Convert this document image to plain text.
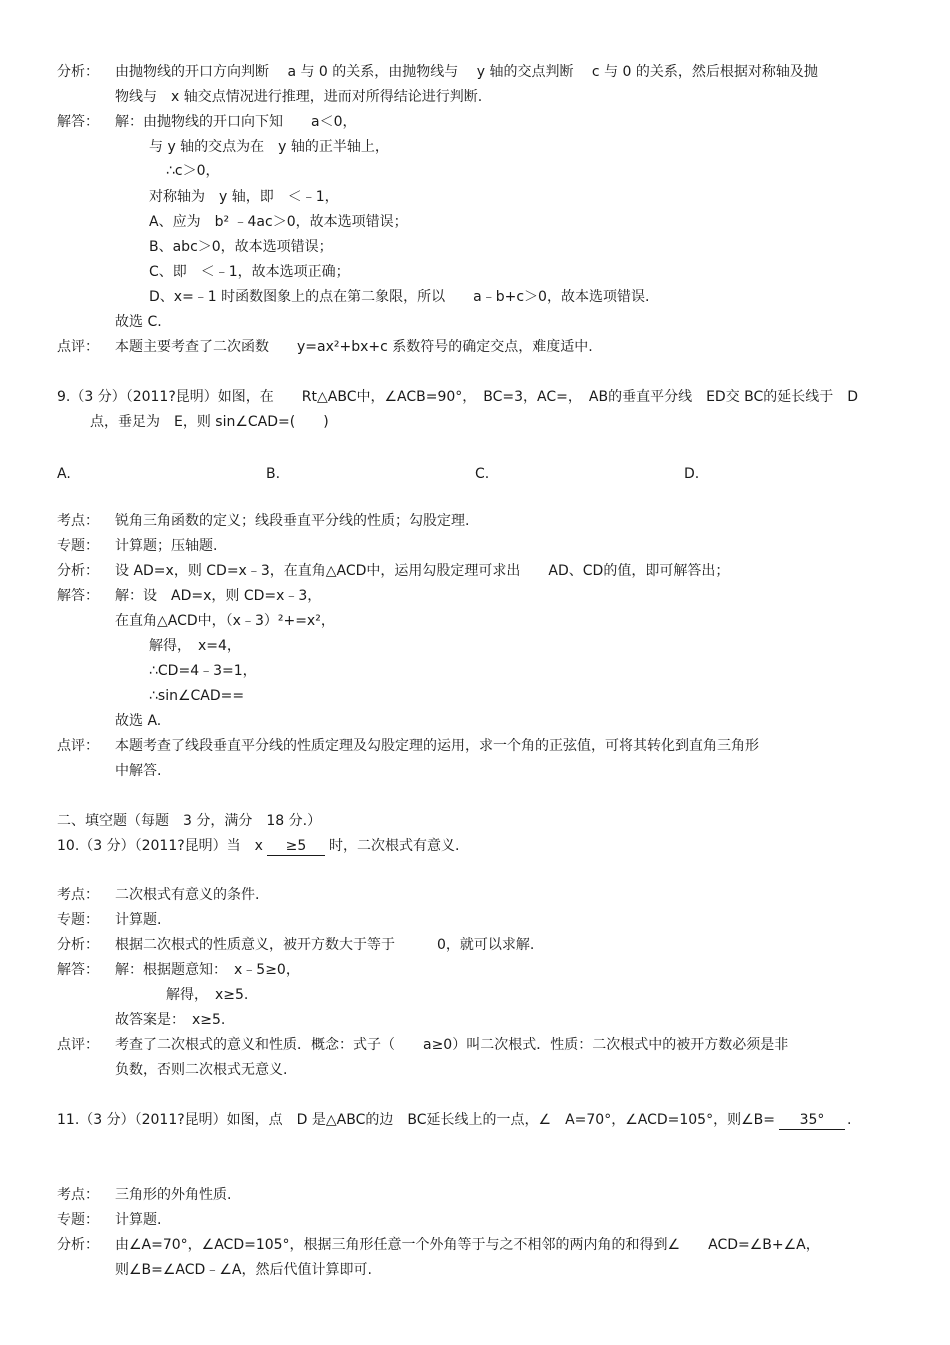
分析： 由抛物线的开口方向判断　 a 与 0 的关系，由抛物线与　 y 轴的交点判断　 c 与 0 的关系，然后根据对称轴及抛
物线与　x 轴交点情况进行推理，进而对所得结论进行判断.
解答： 解：由抛物线的开口向下知　　a＜0，
与 y 轴的交点为在　y 轴的正半轴上，
∴c＞0，
对称轴为　y 轴，即　＜﹣1，
A、应为　b² ﹣4ac＞0，故本选项错误；
B、abc＞0，故本选项错误；
C、即　＜﹣1，故本选项正确；
D、x=﹣1 时函数图象上的点在第二象限，所以　　a﹣b+c＞0，故本选项错误.
故选 C.
点评： 本题主要考查了二次函数　　y=ax²+bx+c 系数符号的确定交点，难度适中.
9.（3 分）（2011?昆明）如图，在　　Rt△ABC中，∠ACB=90°，　BC=3，AC=，　AB的垂直平分线　ED交 BC的延长线于　D
点，垂足为　E，则 sin∠CAD=(　　)
A.	B.	C.	D.
考点： 锐角三角函数的定义；线段垂直平分线的性质；勾股定理.
专题： 计算题；压轴题.
分析： 设 AD=x，则 CD=x﹣3，在直角△ACD中，运用勾股定理可求出　　AD、CD的值，即可解答出；
解答： 解：设　AD=x，则 CD=x﹣3，
在直角△ACD中，（x﹣3）²+=x²，
解得，　x=4，
∴CD=4﹣3=1，
∴sin∠CAD==
故选 A.
点评： 本题考查了线段垂直平分线的性质定理及勾股定理的运用，求一个角的正弦值，可将其转化到直角三角形
中解答.
二、填空题（每题　3 分，满分　18 分.）
10.（3 分）（2011?昆明）当　x ≥5 时，二次根式有意义.
考点： 二次根式有意义的条件.
专题： 计算题.
分析： 根据二次根式的性质意义，被开方数大于等于　　　0，就可以求解.
解答： 解：根据题意知：　x﹣5≥0，
解得，　x≥5.
故答案是：　x≥5.
点评： 考查了二次根式的意义和性质．概念：式子（　　a≥0）叫二次根式．性质：二次根式中的被开方数必须是非
负数，否则二次根式无意义.
11.（3 分）（2011?昆明）如图，点　D 是△ABC的边　BC延长线上的一点，∠　A=70°，∠ACD=105°，则∠B= 35° .
考点： 三角形的外角性质.
专题： 计算题.
分析： 由∠A=70°，∠ACD=105°，根据三角形任意一个外角等于与之不相邻的两内角的和得到∠　　ACD=∠B+∠A，
则∠B=∠ACD﹣∠A，然后代值计算即可.
